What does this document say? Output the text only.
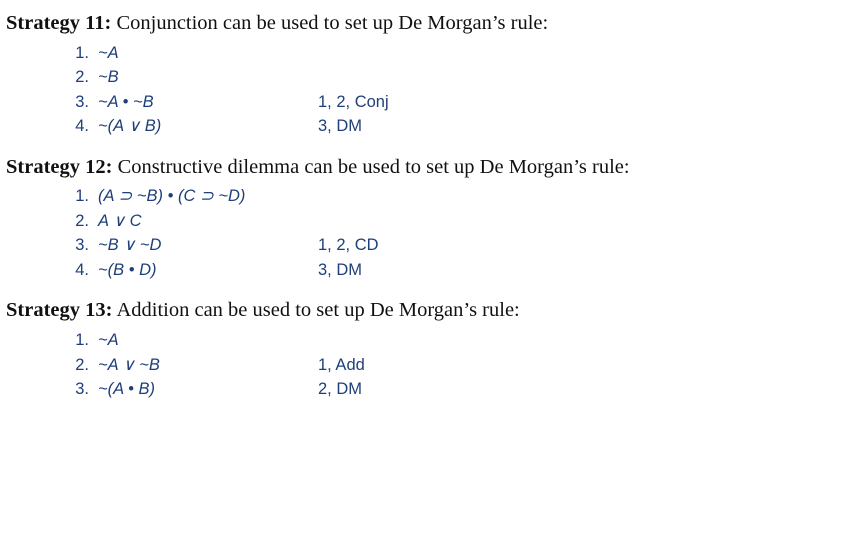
Strategy 11: Conjunction can be used to set up De Morgan’s rule:
1. ~A
2. ~B
3. ~A • ~B	1, 2, Conj
4. ~(A ∨ B)	3, DM
Strategy 12: Constructive dilemma can be used to set up De Morgan’s rule:
1. (A ⊃ ~B) • (C ⊃ ~D)
2. A ∨ C
3. ~B ∨ ~D	1, 2, CD
4. ~(B • D)	3, DM
Strategy 13: Addition can be used to set up De Morgan’s rule:
1. ~A
2. ~A ∨ ~B	1, Add
3. ~(A • B)	2, DM
